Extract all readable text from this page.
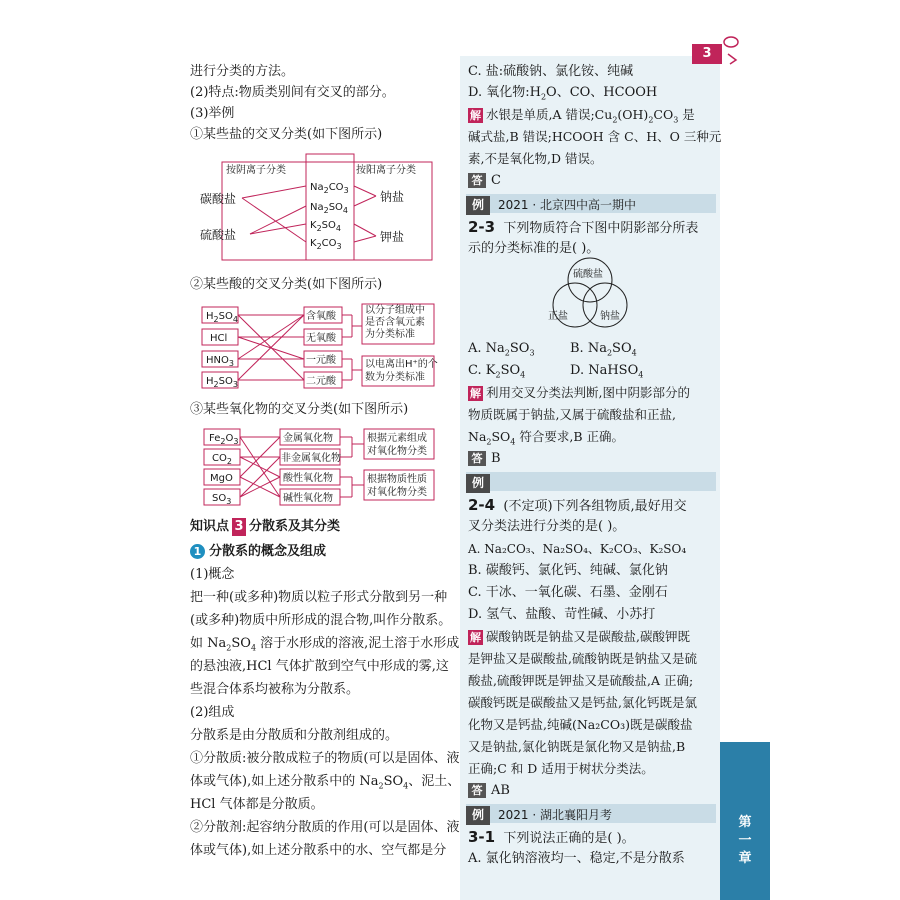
3
进行分类的方法。
(2)特点:物质类别间有交叉的部分。
(3)举例
①某些盐的交叉分类(如下图所示)
按阴离子分类	按阳离子分类
碳酸盐
硫酸盐
钠盐
钾盐
$Na_2CO_3$
$Na_2SO_4$
$K_2SO_4$
$K_2CO_3$
②某些酸的交叉分类(如下图所示)
$H_2SO_4$
HCl
$HNO_3$
$H_2SO_3$
含氧酸
无氧酸
一元酸
二元酸
以分子组成中
是否含氧元素
为分类标准
以电离出H⁺的个
数为分类标准
③某些氧化物的交叉分类(如下图所示)
$Fe_2O_3$
$CO_2$
MgO
$SO_3$
金属氧化物
非金属氧化物
酸性氧化物
碱性氧化物
根据元素组成
对氧化物分类
根据物质性质
对氧化物分类
知识点 3 分散系及其分类
1 分散系的概念及组成
(1)概念
把一种(或多种)物质以粒子形式分散到另一种
(或多种)物质中所形成的混合物,叫作分散系。
如 $Na_2SO_4$ 溶于水形成的溶液,泥土溶于水形成
的悬浊液,HCl 气体扩散到空气中形成的雾,这
些混合体系均被称为分散系。
(2)组成
分散系是由分散质和分散剂组成的。
①分散质:被分散成粒子的物质(可以是固体、液
体或气体),如上述分散系中的 $Na_2SO_4$、泥土、
HCl 气体都是分散质。
②分散剂:起容纳分散质的作用(可以是固体、液
体或气体),如上述分散系中的水、空气都是分
C. 盐:硫酸钠、氯化铵、纯碱
D. 氧化物$:H_2O$、CO、HCOOH
解 水银是单质,A 错误$;Cu_2(OH)_2CO_3$ 是
碱式盐,B 错误;HCOOH 含 C、H、O 三种元
素,不是氧化物,D 错误。
答 C
例 2021 · 北京四中高一期中
2-3 下列物质符合下图中阴影部分所表
示的分类标准的是( )。
硫酸盐
正盐	钠盐
A. $Na_2SO_3$	B. $Na_2SO_4$
C. $K_2SO_4$	D. NaHSO$_4$
解 利用交叉分类法判断,图中阴影部分的
物质既属于钠盐,又属于硫酸盐和正盐,
$Na_2SO_4$ 符合要求,B 正确。
答 B
例
2-4 (不定项)下列各组物质,最好用交
叉分类法进行分类的是( )。
A. Na₂CO₃、Na₂SO₄、K₂CO₃、K₂SO₄
B. 碳酸钙、氯化钙、纯碱、氯化钠
C. 干冰、一氧化碳、石墨、金刚石
D. 氢气、盐酸、苛性碱、小苏打
解 碳酸钠既是钠盐又是碳酸盐,碳酸钾既
是钾盐又是碳酸盐,硫酸钠既是钠盐又是硫
酸盐,硫酸钾既是钾盐又是硫酸盐,A 正确;
碳酸钙既是碳酸盐又是钙盐,氯化钙既是氯
化物又是钙盐,纯碱(Na₂CO₃)既是碳酸盐
又是钠盐,氯化钠既是氯化物又是钠盐,B
正确;C 和 D 适用于树状分类法。
答 AB
例 2021 · 湖北襄阳月考
3-1 下列说法正确的是( )。
A. 氯化钠溶液均一、稳定,不是分散系
第
一
章
